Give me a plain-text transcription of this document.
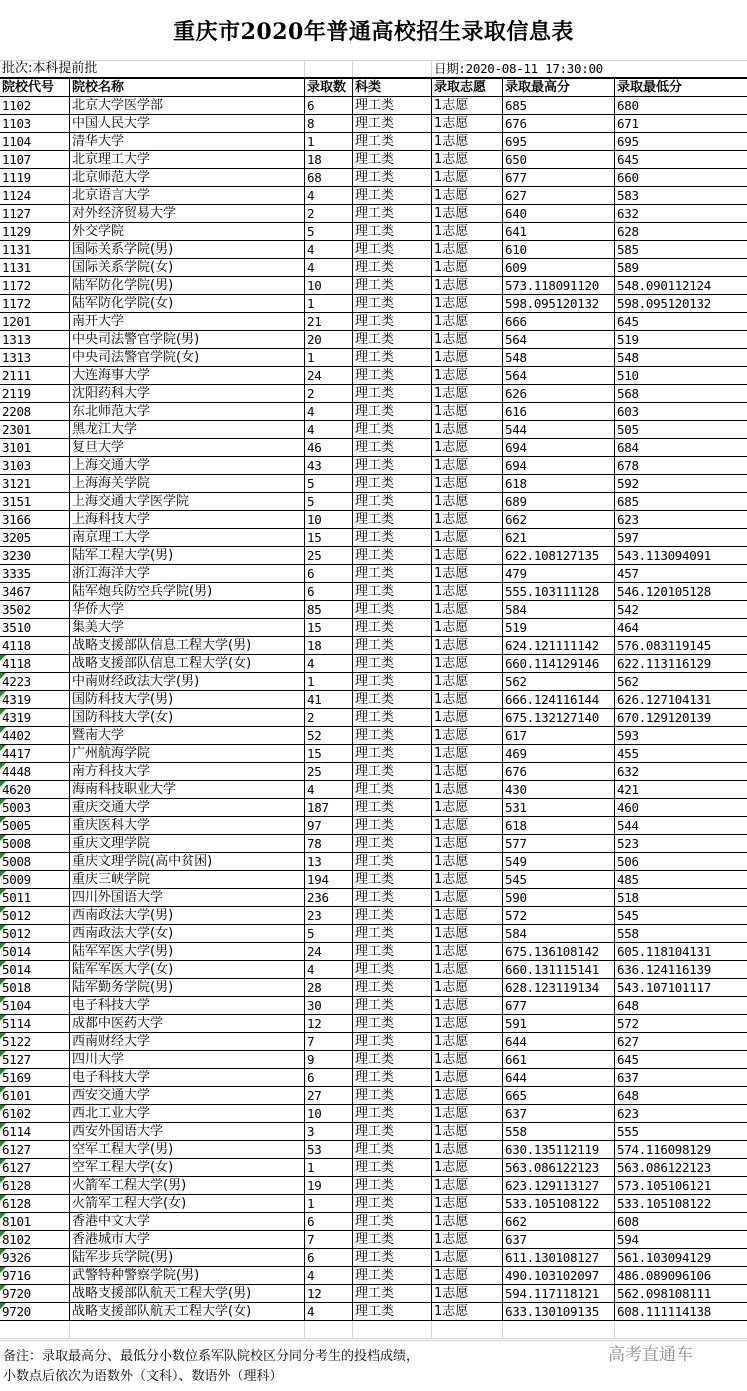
重庆市2020年普通高校招生录取信息表
批次:本科提前批	日期:2020-08-11 17:30:00
院校代号	院校名称	录取数 科类	录取志愿	录取最高分	录取最低分
1102	北京大学医学部	6	理工类	1志愿	685	680
1103	中国人民大学	8	理工类	1志愿	676	671
1104	清华大学	1	理工类	1志愿	695	695
1107	北京理工大学	18	理工类	1志愿	650	645
1119	北京师范大学	68	理工类	1志愿	677	660
1124	北京语言大学	4	理工类	1志愿	627	583
1127	对外经济贸易大学	2	理工类	1志愿	640	632
1129	外交学院	5	理工类	1志愿	641	628
1131	国际关系学院(男)	4	理工类	1志愿	610	585
1131	国际关系学院(女)	4	理工类	1志愿	609	589
1172	陆军防化学院(男)	10	理工类	1志愿	573.118091120	548.090112124
1172	陆军防化学院(女)	1	理工类	1志愿	598.095120132	598.095120132
1201	南开大学	21	理工类	1志愿	666	645
1313	中央司法警官学院(男)	20	理工类	1志愿	564	519
1313	中央司法警官学院(女)	1	理工类	1志愿	548	548
2111	大连海事大学	24	理工类	1志愿	564	510
2119	沈阳药科大学	2	理工类	1志愿	626	568
2208	东北师范大学	4	理工类	1志愿	616	603
2301	黑龙江大学	4	理工类	1志愿	544	505
3101	复旦大学	46	理工类	1志愿	694	684
3103	上海交通大学	43	理工类	1志愿	694	678
3121	上海海关学院	5	理工类	1志愿	618	592
3151	上海交通大学医学院	5	理工类	1志愿	689	685
3166	上海科技大学	10	理工类	1志愿	662	623
3205	南京理工大学	15	理工类	1志愿	621	597
3230	陆军工程大学(男)	25	理工类	1志愿	622.108127135	543.113094091
3335	浙江海洋大学	6	理工类	1志愿	479	457
3467	陆军炮兵防空兵学院(男)	6	理工类	1志愿	555.103111128	546.120105128
3502	华侨大学	85	理工类	1志愿	584	542
3510	集美大学	15	理工类	1志愿	519	464
4118	战略支援部队信息工程大学(男)	18	理工类	1志愿	624.121111142	576.083119145
4118	战略支援部队信息工程大学(女)	4	理工类	1志愿	660.114129146	622.113116129
4223	中南财经政法大学(男)	1	理工类	1志愿	562	562
4319	国防科技大学(男)	41	理工类	1志愿	666.124116144	626.127104131
4319	国防科技大学(女)	2	理工类	1志愿	675.132127140	670.129120139
4402	暨南大学	52	理工类	1志愿	617	593
4417	广州航海学院	15	理工类	1志愿	469	455
4448	南方科技大学	25	理工类	1志愿	676	632
4620	海南科技职业大学	4	理工类	1志愿	430	421
5003	重庆交通大学	187	理工类	1志愿	531	460
5005	重庆医科大学	97	理工类	1志愿	618	544
5008	重庆文理学院	78	理工类	1志愿	577	523
5008	重庆文理学院(高中贫困)	13	理工类	1志愿	549	506
5009	重庆三峡学院	194	理工类	1志愿	545	485
5011	四川外国语大学	236	理工类	1志愿	590	518
5012	西南政法大学(男)	23	理工类	1志愿	572	545
5012	西南政法大学(女)	5	理工类	1志愿	584	558
5014	陆军军医大学(男)	24	理工类	1志愿	675.136108142	605.118104131
5014	陆军军医大学(女)	4	理工类	1志愿	660.131115141	636.124116139
5018	陆军勤务学院(男)	28	理工类	1志愿	628.123119134	543.107101117
5104	电子科技大学	30	理工类	1志愿	677	648
5114	成都中医药大学	12	理工类	1志愿	591	572
5122	西南财经大学	7	理工类	1志愿	644	627
5127	四川大学	9	理工类	1志愿	661	645
5169	电子科技大学	6	理工类	1志愿	644	637
6101	西安交通大学	27	理工类	1志愿	665	648
6102	西北工业大学	10	理工类	1志愿	637	623
6114	西安外国语大学	3	理工类	1志愿	558	555
6127	空军工程大学(男)	53	理工类	1志愿	630.135112119	574.116098129
6127	空军工程大学(女)	1	理工类	1志愿	563.086122123	563.086122123
6128	火箭军工程大学(男)	19	理工类	1志愿	623.129113127	573.105106121
6128	火箭军工程大学(女)	1	理工类	1志愿	533.105108122	533.105108122
8101	香港中文大学	6	理工类	1志愿	662	608
8102	香港城市大学	7	理工类	1志愿	637	594
9326	陆军步兵学院(男)	6	理工类	1志愿	611.130108127	561.103094129
9716	武警特种警察学院(男)	4	理工类	1志愿	490.103102097	486.089096106
9720	战略支援部队航天工程大学(男)	12	理工类	1志愿	594.117118121	562.098108111
9720	战略支援部队航天工程大学(女)	4	理工类	1志愿	633.130109135	608.111114138
备注：录取最高分、最低分小数位系军队院校区分同分考生的投档成绩，
小数点后依次为语数外（文科）、数语外（理科）
高考直通车
